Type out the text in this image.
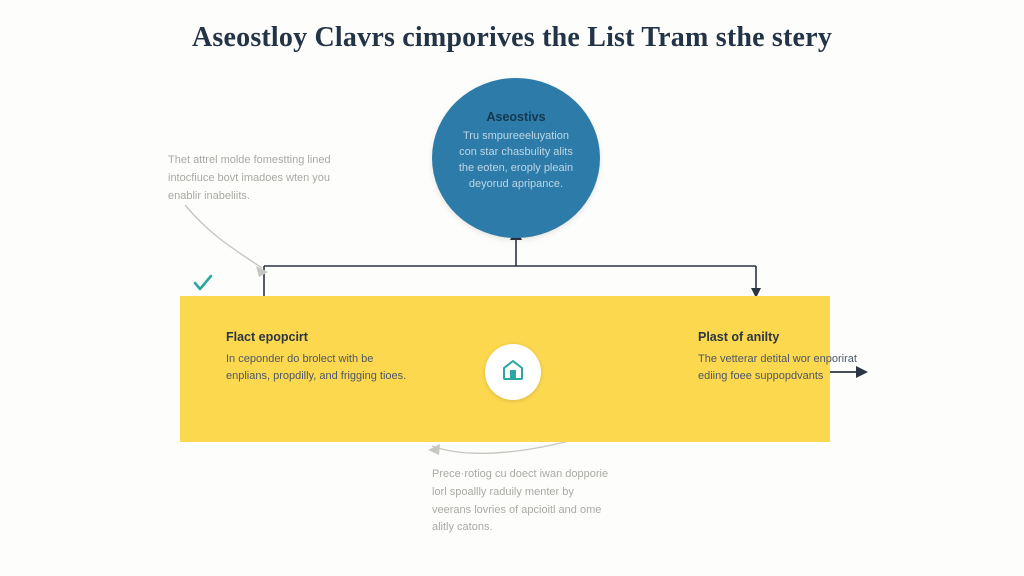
Aseostloy Clavrs cimporives the List Tram sthe stery
Aseostivs
Tru smpureeeluyation con star chasbulity alits the eoten, eroply pleain deyorud apripance.
Flact epopcirt
In ceponder do brolect with be enplians, propdilly, and frigging tioes.
Plast of anilty
The vetterar detital wor enporirat ediing foee suppopdvants
Thet attrel molde fomestting lined intocfiuce bovt imadoes wten you enablir inabeliits.
Prece·rotiog cu doect iwan dopporie lorl spoallly raduily menter by veerans lovries of apcioitl and ome alitly catons.
